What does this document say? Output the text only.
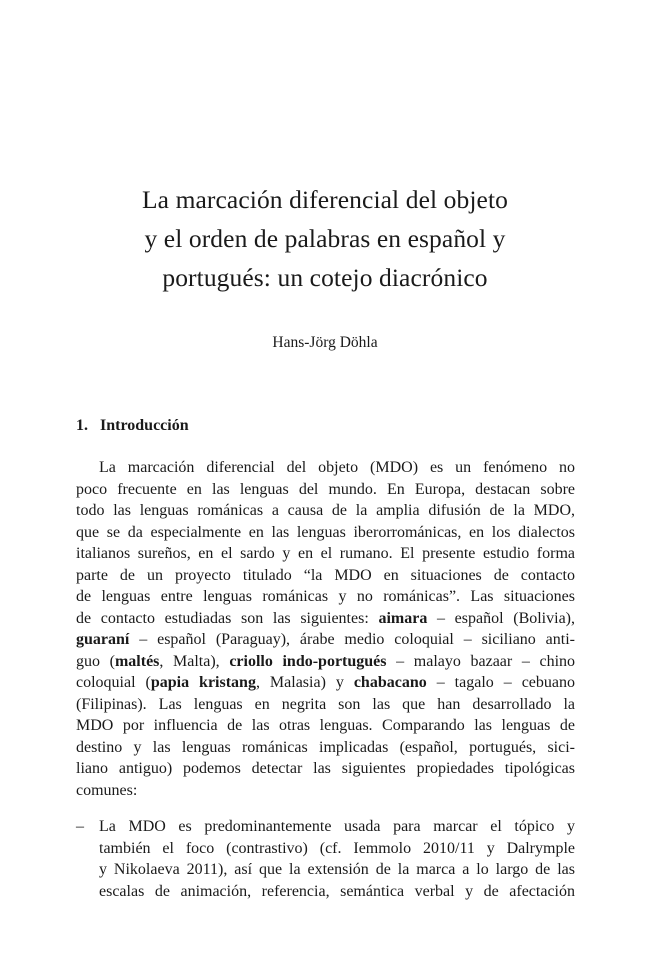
La marcación diferencial del objeto
y el orden de palabras en español y
portugués: un cotejo diacrónico
Hans-Jörg Döhla
1. Introducción
La marcación diferencial del objeto (MDO) es un fenómeno no
poco frecuente en las lenguas del mundo. En Europa, destacan sobre
todo las lenguas románicas a causa de la amplia difusión de la MDO,
que se da especialmente en las lenguas iberorrománicas, en los dialectos
italianos sureños, en el sardo y en el rumano. El presente estudio forma
parte de un proyecto titulado “la MDO en situaciones de contacto
de lenguas entre lenguas románicas y no románicas”. Las situaciones
de contacto estudiadas son las siguientes: aimara – español (Bolivia),
guaraní – español (Paraguay), árabe medio coloquial – siciliano anti-
guo (maltés, Malta), criollo indo-portugués – malayo bazaar – chino
coloquial (papia kristang, Malasia) y chabacano – tagalo – cebuano
(Filipinas). Las lenguas en negrita son las que han desarrollado la
MDO por influencia de las otras lenguas. Comparando las lenguas de
destino y las lenguas románicas implicadas (español, portugués, sici-
liano antiguo) podemos detectar las siguientes propiedades tipológicas
comunes:
– La MDO es predominantemente usada para marcar el tópico y
también el foco (contrastivo) (cf. Iemmolo 2010/11 y Dalrymple
y Nikolaeva 2011), así que la extensión de la marca a lo largo de las
escalas de animación, referencia, semántica verbal y de afectación
